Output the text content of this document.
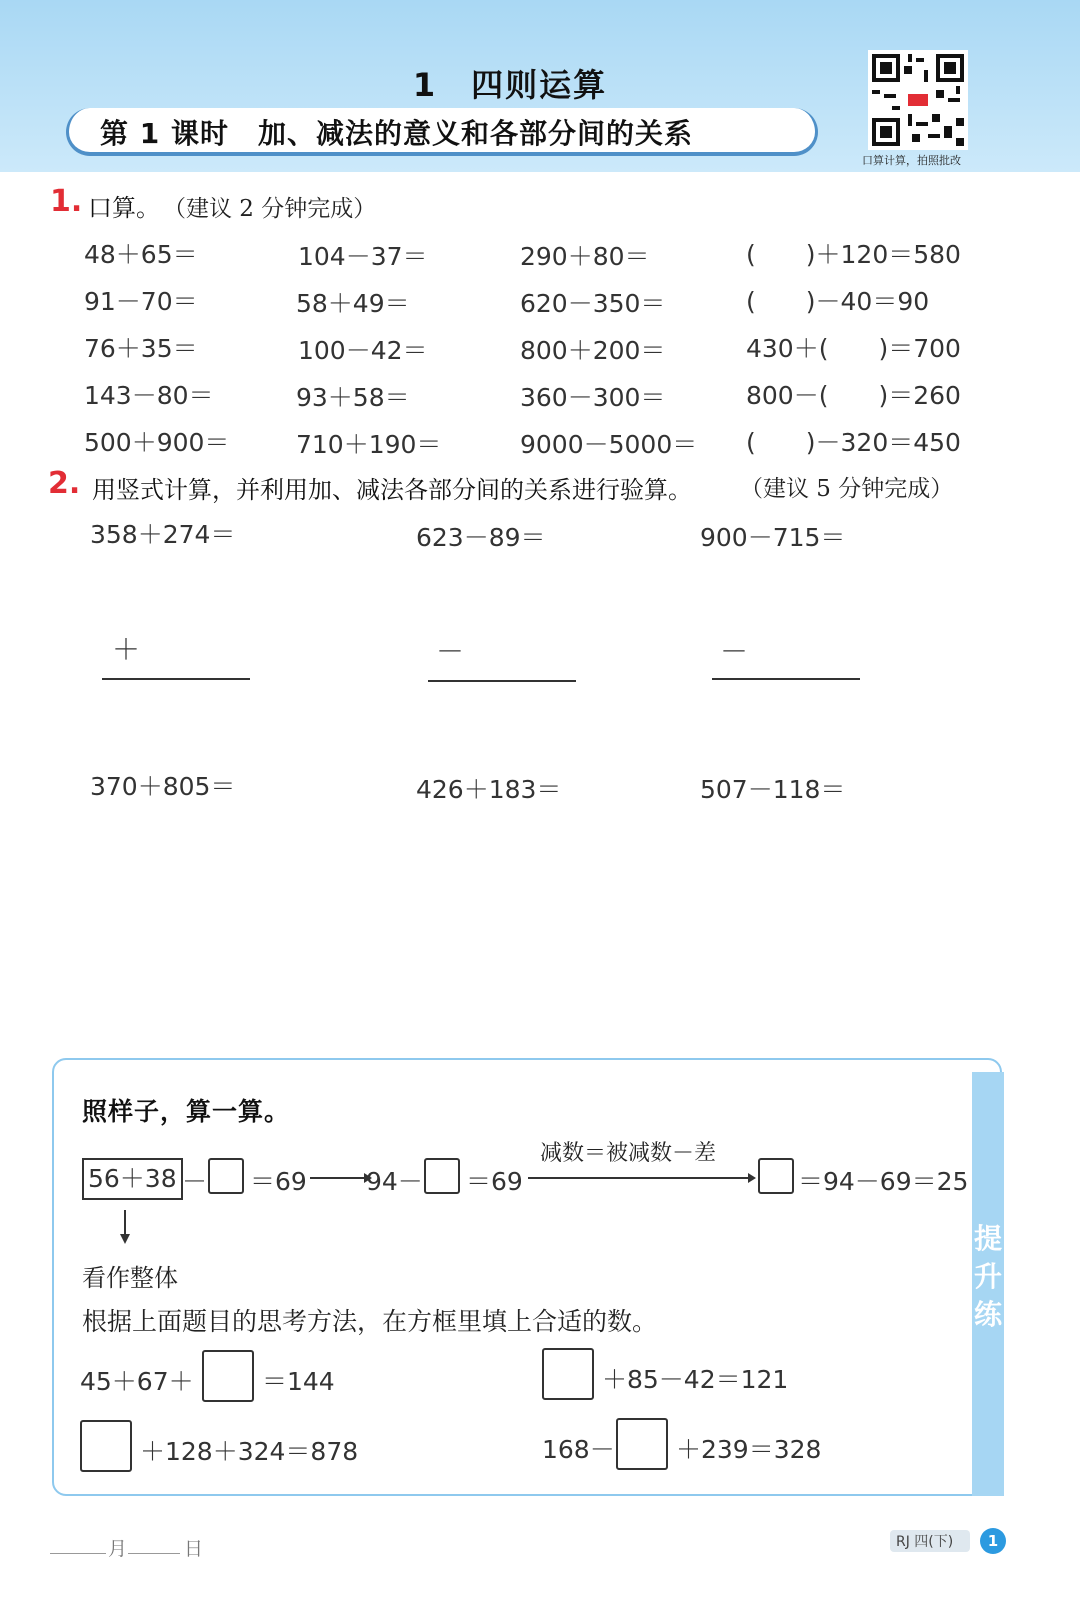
1　四则运算
第 1 课时　加、减法的意义和各部分间的关系
口算计算，拍照批改
1. 口算。 （建议 2 分钟完成）
48＋65＝	104－37＝	290＋80＝	(　　)＋120＝580
91－70＝	58＋49＝	620－350＝	(　　)－40＝90
76＋35＝	100－42＝	800＋200＝	430＋(　　)＝700
143－80＝	93＋58＝	360－300＝	800－(　　)＝260
500＋900＝	710＋190＝	9000－5000＝ (　　)－320＝450
2. 用竖式计算，并利用加、减法各部分间的关系进行验算。 （建议 5 分钟完成）
358＋274＝	623－89＝	900－715＝
＋	－	－
370＋805＝	426＋183＝	507－118＝
提升练
照样子，算一算。
56＋38 － ＝69 94－ ＝69
减数＝被减数－差
＝94－69＝25
看作整体
根据上面题目的思考方法，在方框里填上合适的数。
45＋67＋	＝144	＋85－42＝121
＋128＋324＝878	168－ ＋239＝328
月	日	RJ 四(下)	1
